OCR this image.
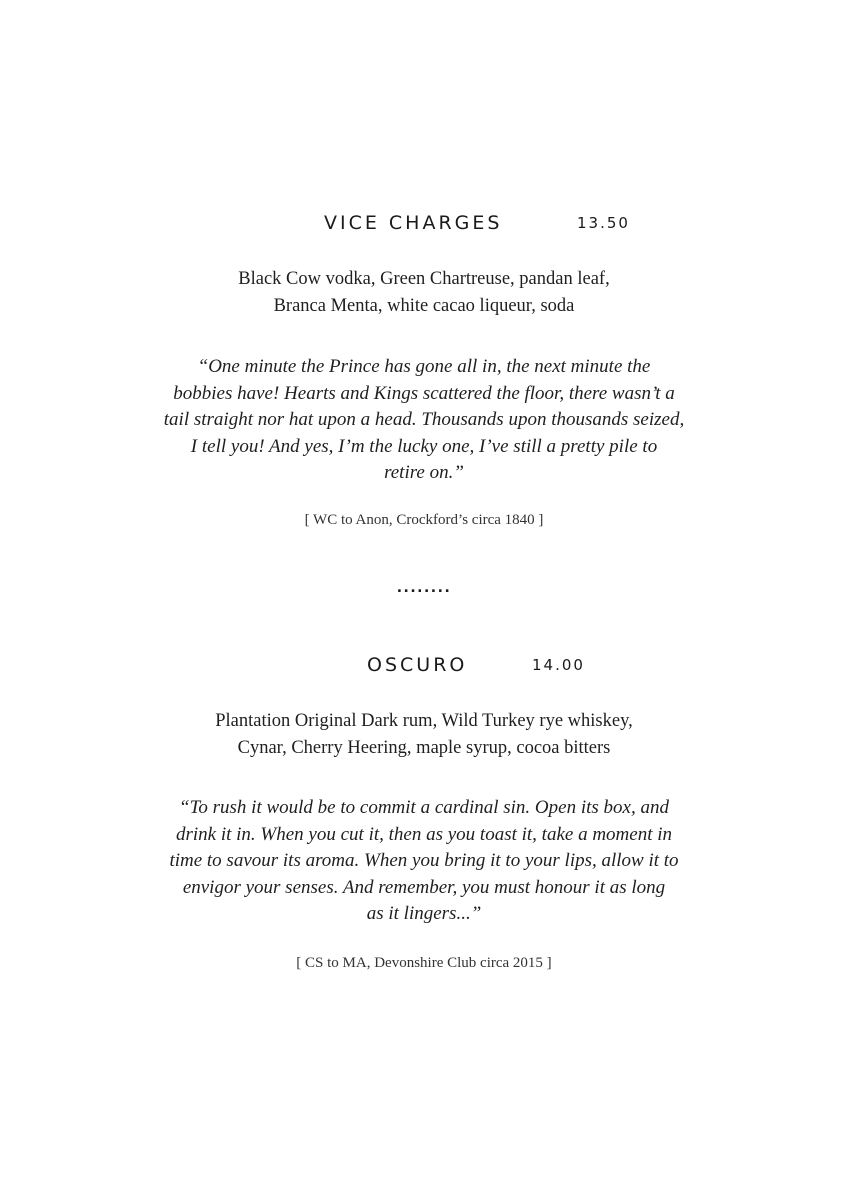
VICE CHARGES	13.50
Black Cow vodka, Green Chartreuse, pandan leaf,
Branca Menta, white cacao liqueur, soda
“One minute the Prince has gone all in, the next minute the
bobbies have! Hearts and Kings scattered the floor, there wasn’t a
tail straight nor hat upon a head. Thousands upon thousands seized,
I tell you! And yes, I’m the lucky one, I’ve still a pretty pile to
retire on.”
[ WC to Anon, Crockford’s circa 1840 ]
........
OSCURO	14.00
Plantation Original Dark rum, Wild Turkey rye whiskey,
Cynar, Cherry Heering, maple syrup, cocoa bitters
“To rush it would be to commit a cardinal sin. Open its box, and
drink it in. When you cut it, then as you toast it, take a moment in
time to savour its aroma. When you bring it to your lips, allow it to
envigor your senses. And remember, you must honour it as long
as it lingers...”
[ CS to MA, Devonshire Club circa 2015 ]
